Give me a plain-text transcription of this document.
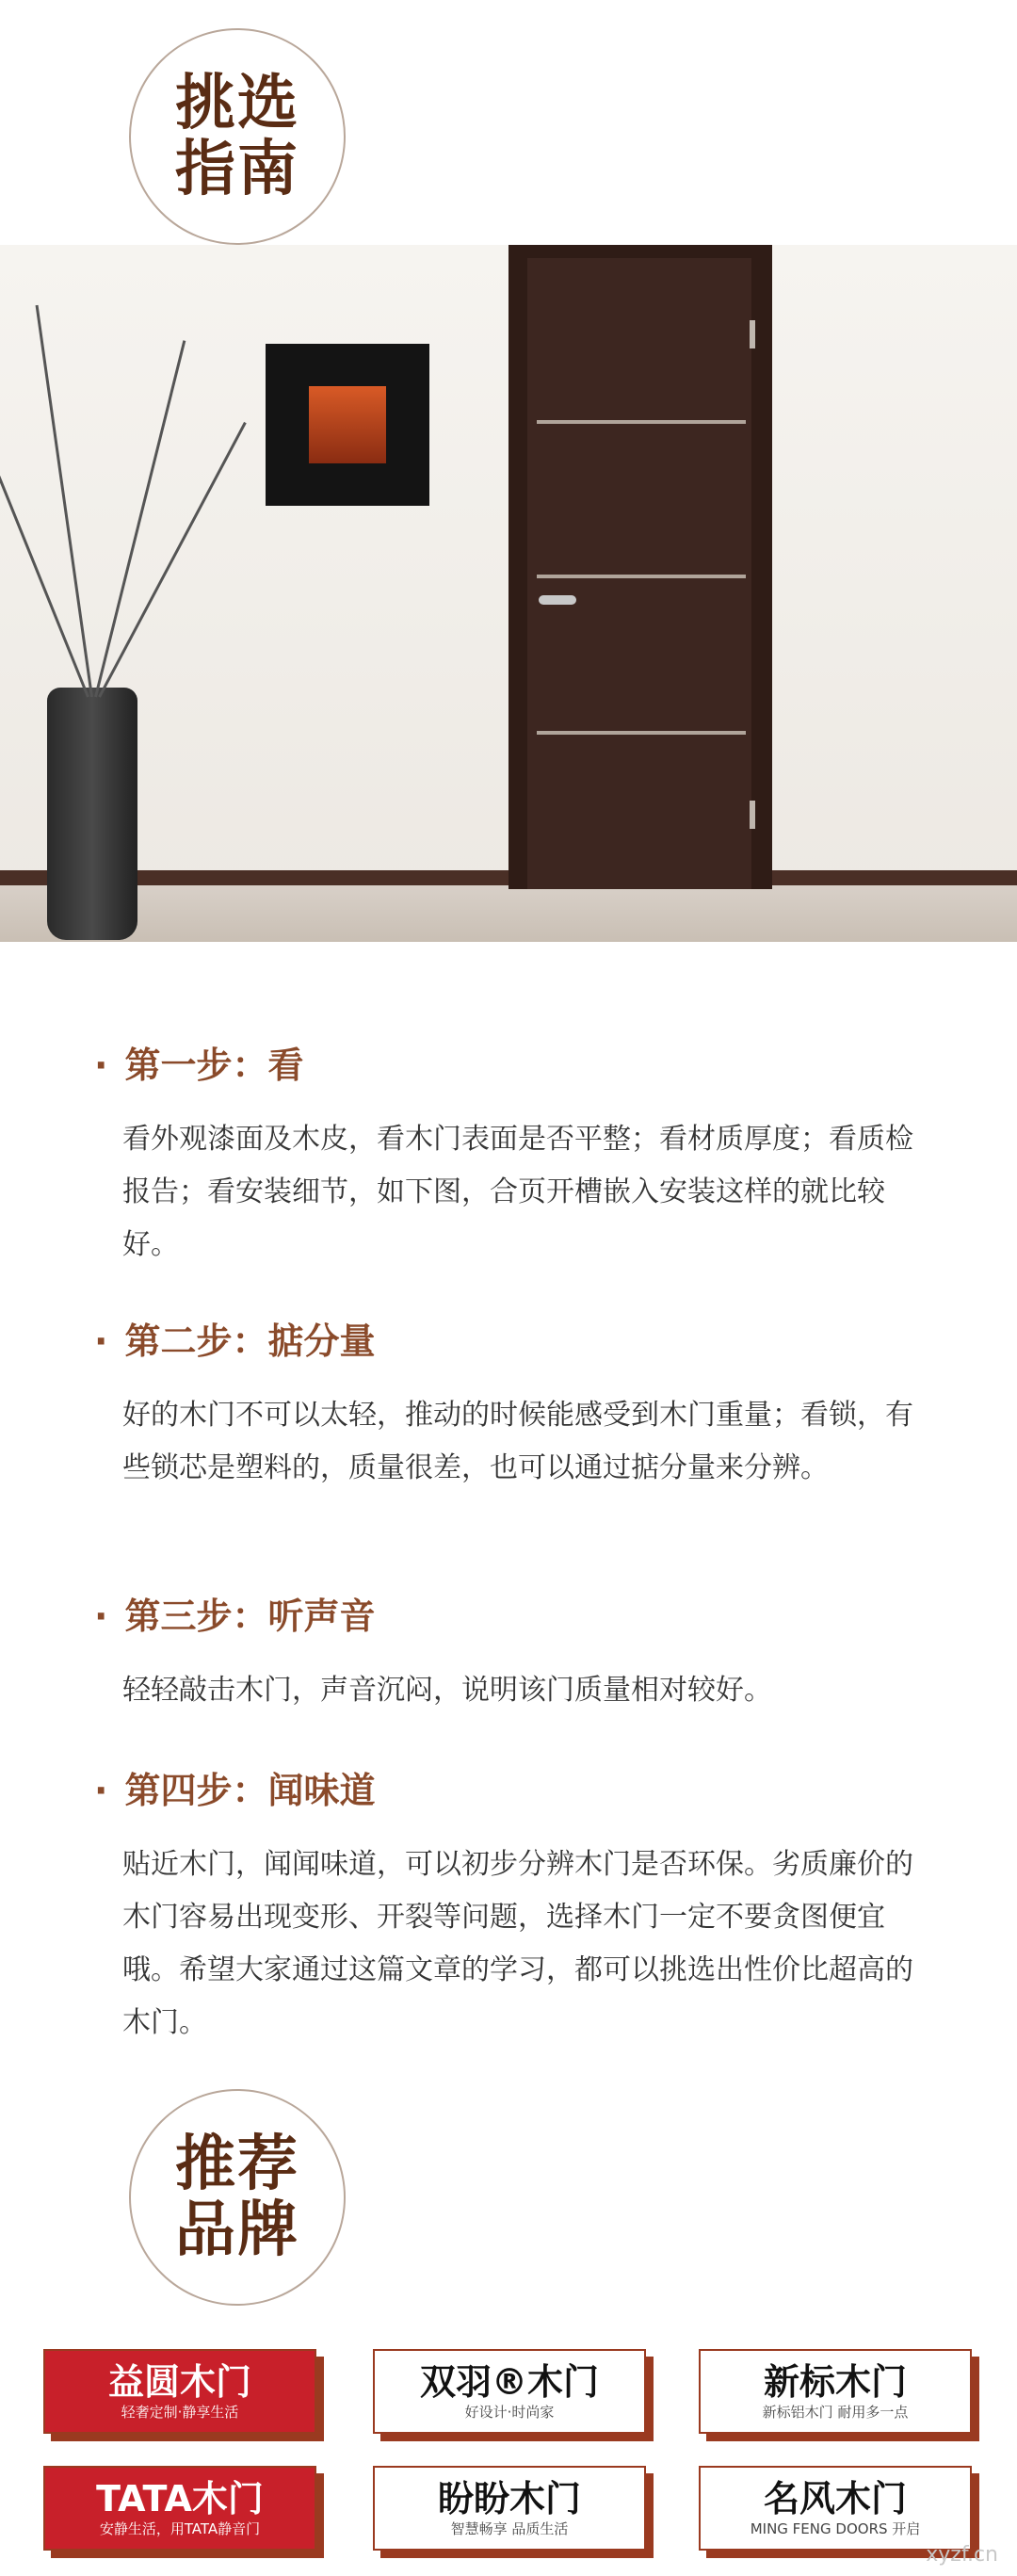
挑选
指南
· 第一步：看
看外观漆面及木皮，看木门表面是否平整；看材质厚度；看质检报告；看安装细节，如下图，合页开槽嵌入安装这样的就比较好。
· 第二步：掂分量
好的木门不可以太轻，推动的时候能感受到木门重量；看锁，有些锁芯是塑料的，质量很差，也可以通过掂分量来分辨。
· 第三步：听声音
轻轻敲击木门，声音沉闷，说明该门质量相对较好。
· 第四步：闻味道
贴近木门，闻闻味道，可以初步分辨木门是否环保。劣质廉价的木门容易出现变形、开裂等问题，选择木门一定不要贪图便宜哦。希望大家通过这篇文章的学习，都可以挑选出性价比超高的木门。
推荐
品牌
益圆木门
轻奢定制·静享生活
双羽®木门
好设计·时尚家
新标木门
新标铝木门 耐用多一点
TATA木门
安静生活，用TATA静音门
盼盼木门
智慧畅享 品质生活
名风木门
MING FENG DOORS 开启
xyzf.cn
